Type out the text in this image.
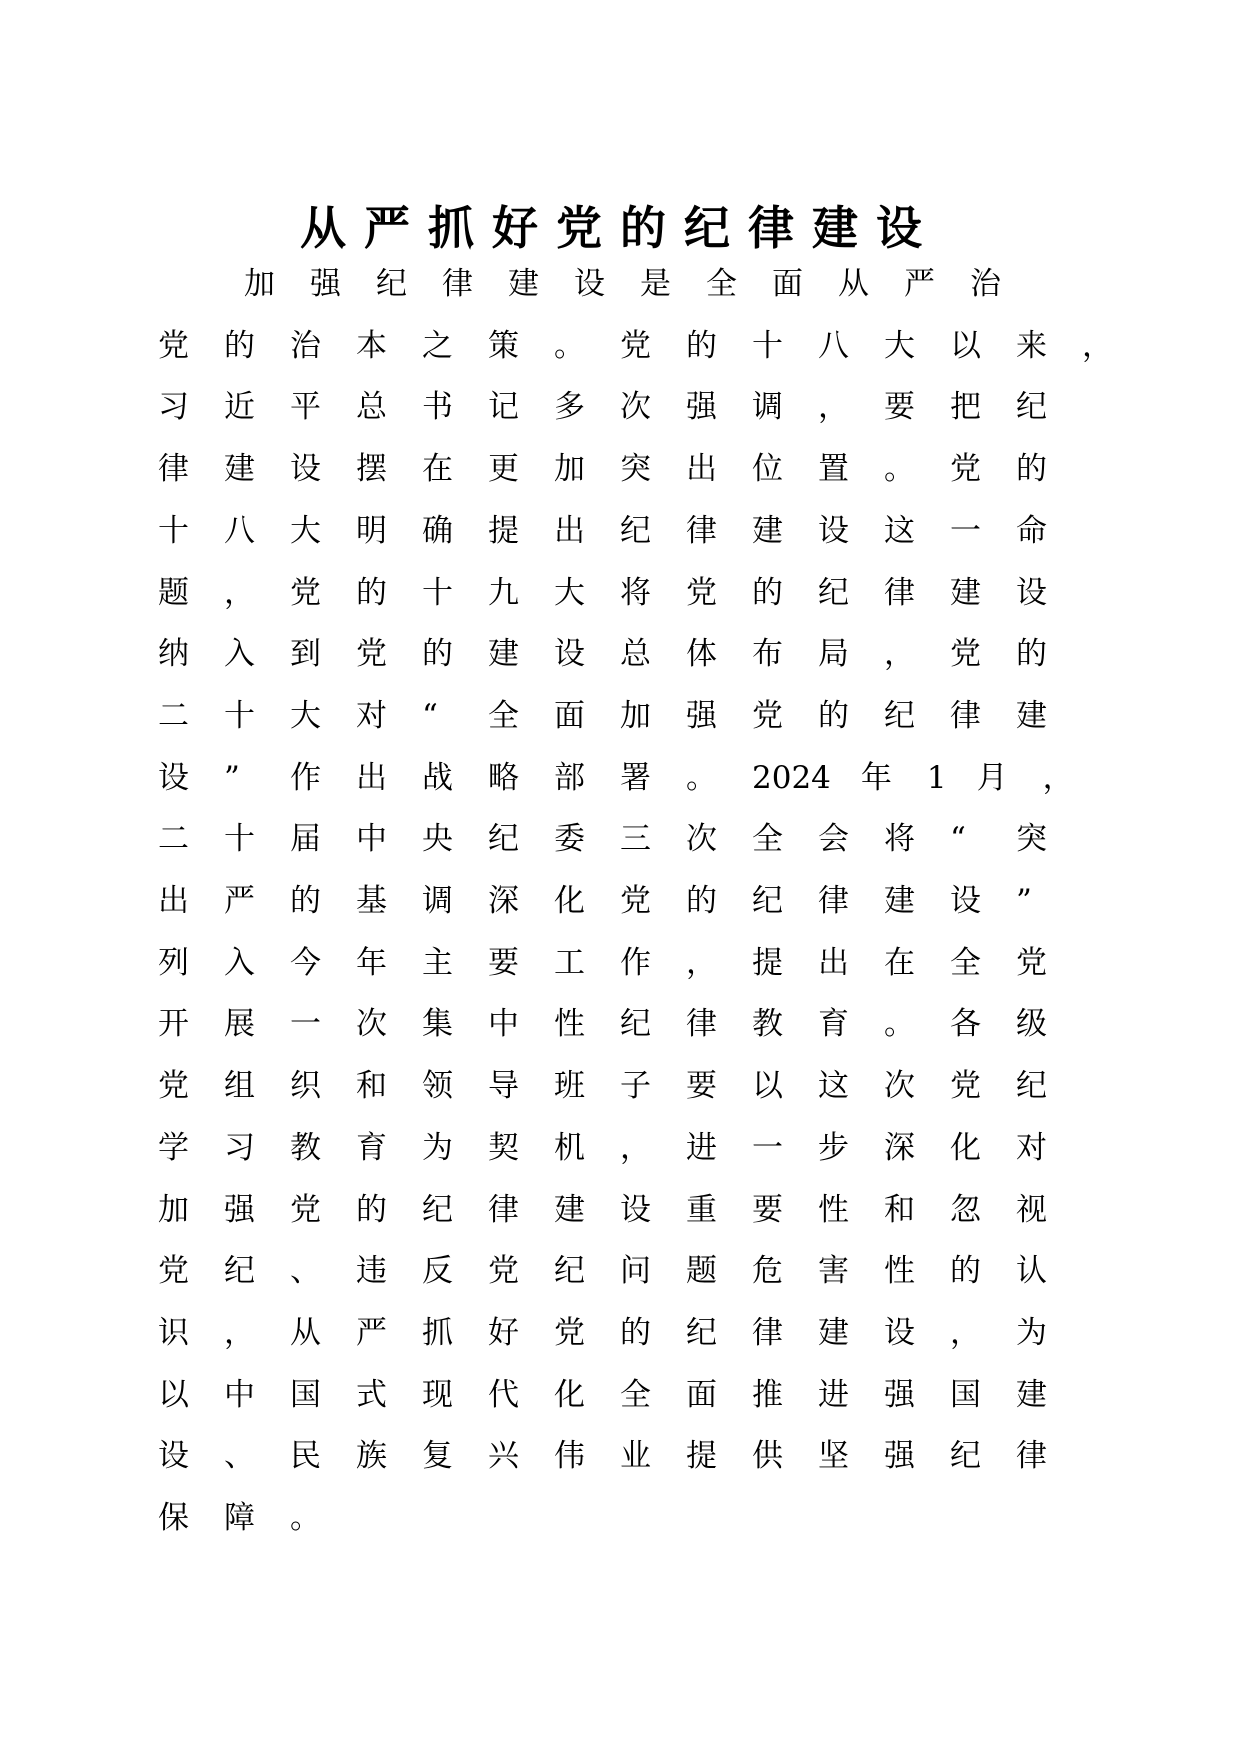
从严抓好党的纪律建设
加 强 纪 律 建 设 是 全 面 从 严 治
党 的 治 本 之 策 。 党 的 十 八 大 以 来 ，
习 近 平 总 书 记 多 次 强 调 ， 要 把 纪
律 建 设 摆 在 更 加 突 出 位 置 。 党 的
十 八 大 明 确 提 出 纪 律 建 设 这 一 命
题 ， 党 的 十 九 大 将 党 的 纪 律 建 设
纳 入 到 党 的 建 设 总 体 布 局 ， 党 的
二 十 大 对 “ 全 面 加 强 党 的 纪 律 建
设 ” 作 出 战 略 部 署 。 2024 年 1 月 ，
二 十 届 中 央 纪 委 三 次 全 会 将 “ 突
出 严 的 基 调 深 化 党 的 纪 律 建 设 ”
列 入 今 年 主 要 工 作 ， 提 出 在 全 党
开 展 一 次 集 中 性 纪 律 教 育 。 各 级
党 组 织 和 领 导 班 子 要 以 这 次 党 纪
学 习 教 育 为 契 机 ， 进 一 步 深 化 对
加 强 党 的 纪 律 建 设 重 要 性 和 忽 视
党 纪 、 违 反 党 纪 问 题 危 害 性 的 认
识 ， 从 严 抓 好 党 的 纪 律 建 设 ， 为
以 中 国 式 现 代 化 全 面 推 进 强 国 建
设 、 民 族 复 兴 伟 业 提 供 坚 强 纪 律
保 障 。
